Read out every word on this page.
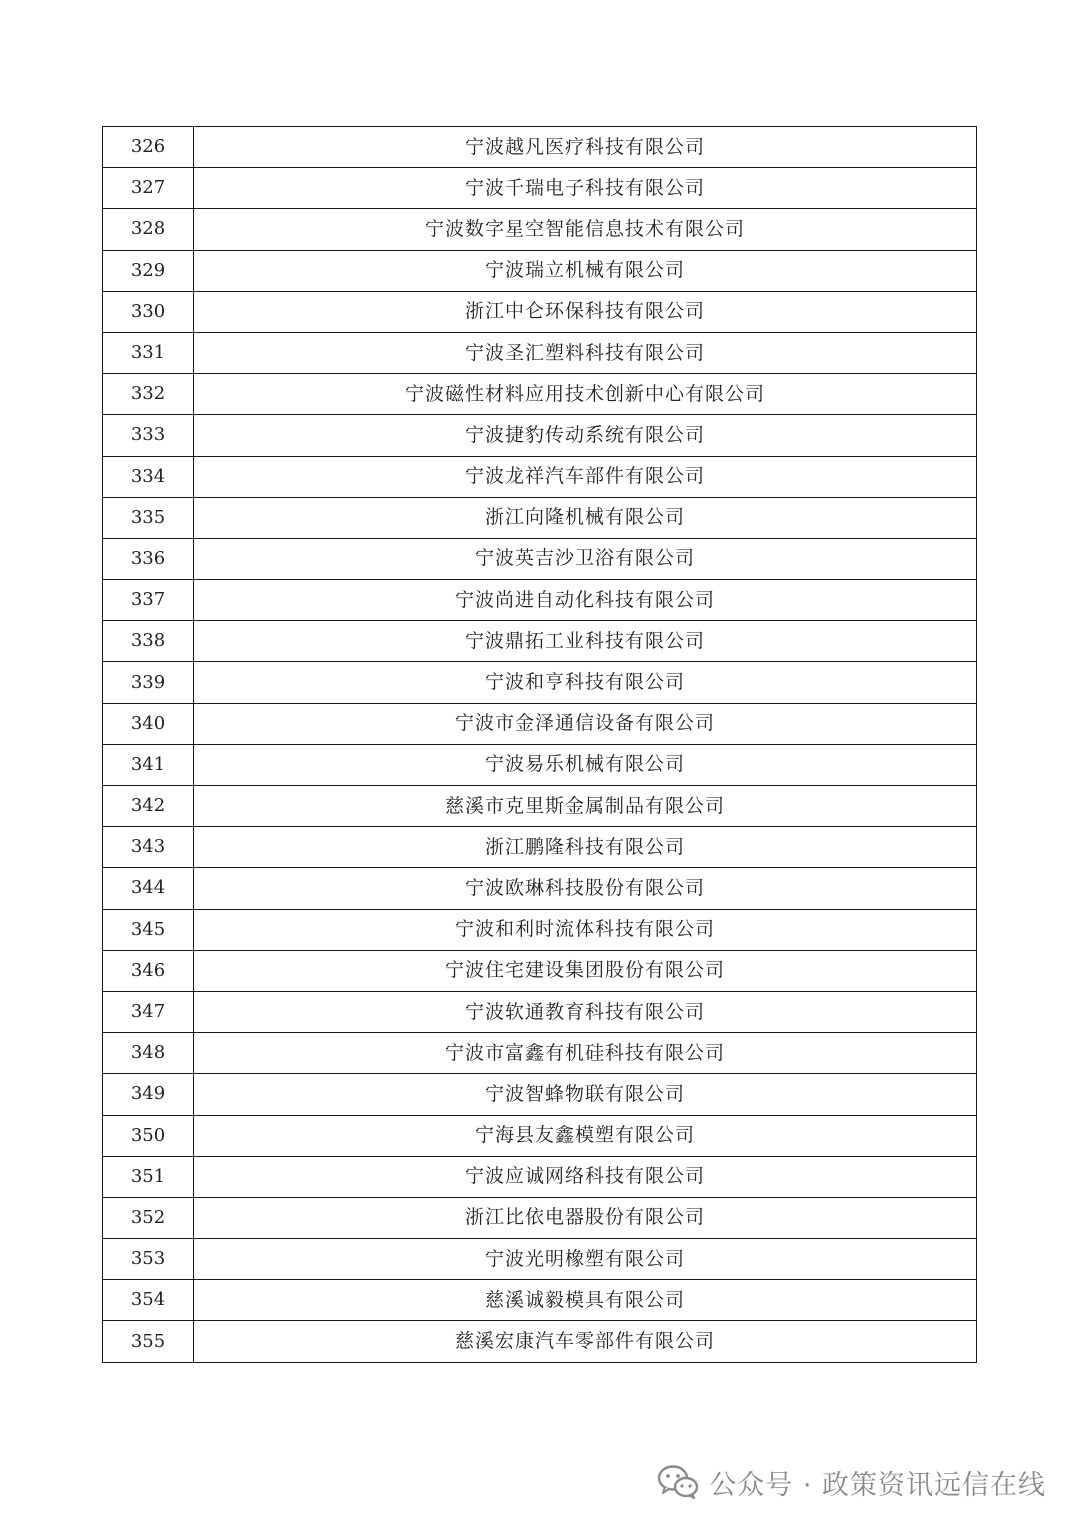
326	宁波越凡医疗科技有限公司
327	宁波千瑞电子科技有限公司
328	宁波数字星空智能信息技术有限公司
329	宁波瑞立机械有限公司
330	浙江中仑环保科技有限公司
331	宁波圣汇塑料科技有限公司
332	宁波磁性材料应用技术创新中心有限公司
333	宁波捷豹传动系统有限公司
334	宁波龙祥汽车部件有限公司
335	浙江向隆机械有限公司
336	宁波英吉沙卫浴有限公司
337	宁波尚进自动化科技有限公司
338	宁波鼎拓工业科技有限公司
339	宁波和亨科技有限公司
340	宁波市金泽通信设备有限公司
341	宁波易乐机械有限公司
342	慈溪市克里斯金属制品有限公司
343	浙江鹏隆科技有限公司
344	宁波欧琳科技股份有限公司
345	宁波和利时流体科技有限公司
346	宁波住宅建设集团股份有限公司
347	宁波软通教育科技有限公司
348	宁波市富鑫有机硅科技有限公司
349	宁波智蜂物联有限公司
350	宁海县友鑫模塑有限公司
351	宁波应诚网络科技有限公司
352	浙江比依电器股份有限公司
353	宁波光明橡塑有限公司
354	慈溪诚毅模具有限公司
355	慈溪宏康汽车零部件有限公司
公众号 · 政策资讯远信在线
